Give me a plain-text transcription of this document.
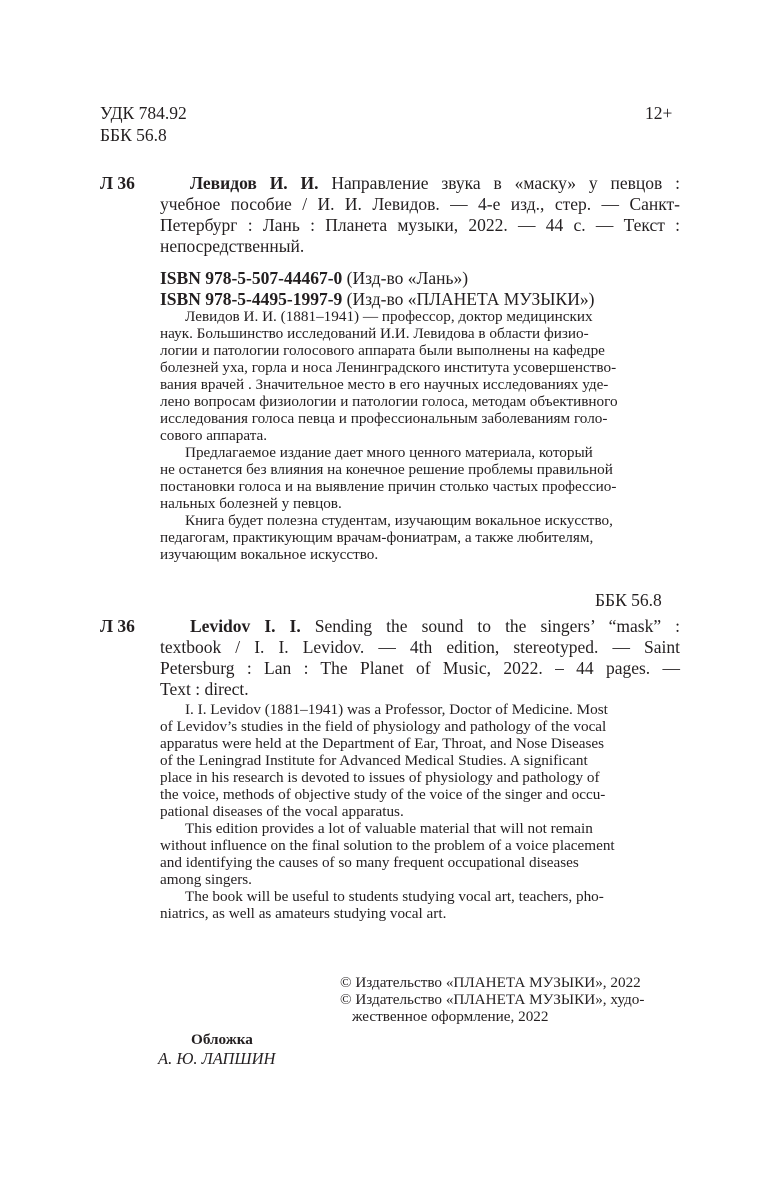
УДК 784.92
ББК 56.8
12+
Л 36	Левидов И. И. Направление звука в «маску» у певцов :
учебное пособие / И. И. Левидов. — 4-е изд., стер. — Санкт-
Петербург : Лань : Планета музыки, 2022. — 44 с. — Текст :
непосредственный.
ISBN 978-5-507-44467-0 (Изд-во «Лань»)
ISBN 978-5-4495-1997-9 (Изд-во «ПЛАНЕТА МУЗЫКИ»)
Левидов И. И. (1881–1941) — профессор, доктор медицинских
наук. Большинство исследований И.И. Левидова в области физио-
логии и патологии голосового аппарата были выполнены на кафедре
болезней уха, горла и носа Ленинградского института усовершенство-
вания врачей . Значительное место в его научных исследованиях уде-
лено вопросам физиологии и патологии голоса, методам объективного
исследования голоса певца и профессиональным заболеваниям голо-
сового аппарата.
Предлагаемое издание дает много ценного материала, который
не останется без влияния на конечное решение проблемы правильной
постановки голоса и на выявление причин столько частых профессио-
нальных болезней у певцов.
Книга будет полезна студентам, изучающим вокальное искусство,
педагогам, практикующим врачам-фониатрам, а также любителям,
изучающим вокальное искусство.
ББК 56.8
Л 36	Levidov I. I. Sending the sound to the singers’ “mask” :
textbook / I. I. Levidov. — 4th edition, stereotyped. — Saint
Petersburg : Lan : The Planet of Music, 2022. – 44 pages. —
Text : direct.
I. I. Levidov (1881–1941) was a Professor, Doctor of Medicine. Most
of Levidov’s studies in the field of physiology and pathology of the vocal
apparatus were held at the Department of Ear, Throat, and Nose Diseases
of the Leningrad Institute for Advanced Medical Studies. A significant
place in his research is devoted to issues of physiology and pathology of
the voice, methods of objective study of the voice of the singer and occu-
pational diseases of the vocal apparatus.
This edition provides a lot of valuable material that will not remain
without influence on the final solution to the problem of a voice placement
and identifying the causes of so many frequent occupational diseases
among singers.
The book will be useful to students studying vocal art, teachers, pho-
niatrics, as well as amateurs studying vocal art.
© Издательство «ПЛАНЕТА МУЗЫКИ», 2022
© Издательство «ПЛАНЕТА МУЗЫКИ», худо-
жественное оформление, 2022
Обложка
А. Ю. ЛАПШИН
